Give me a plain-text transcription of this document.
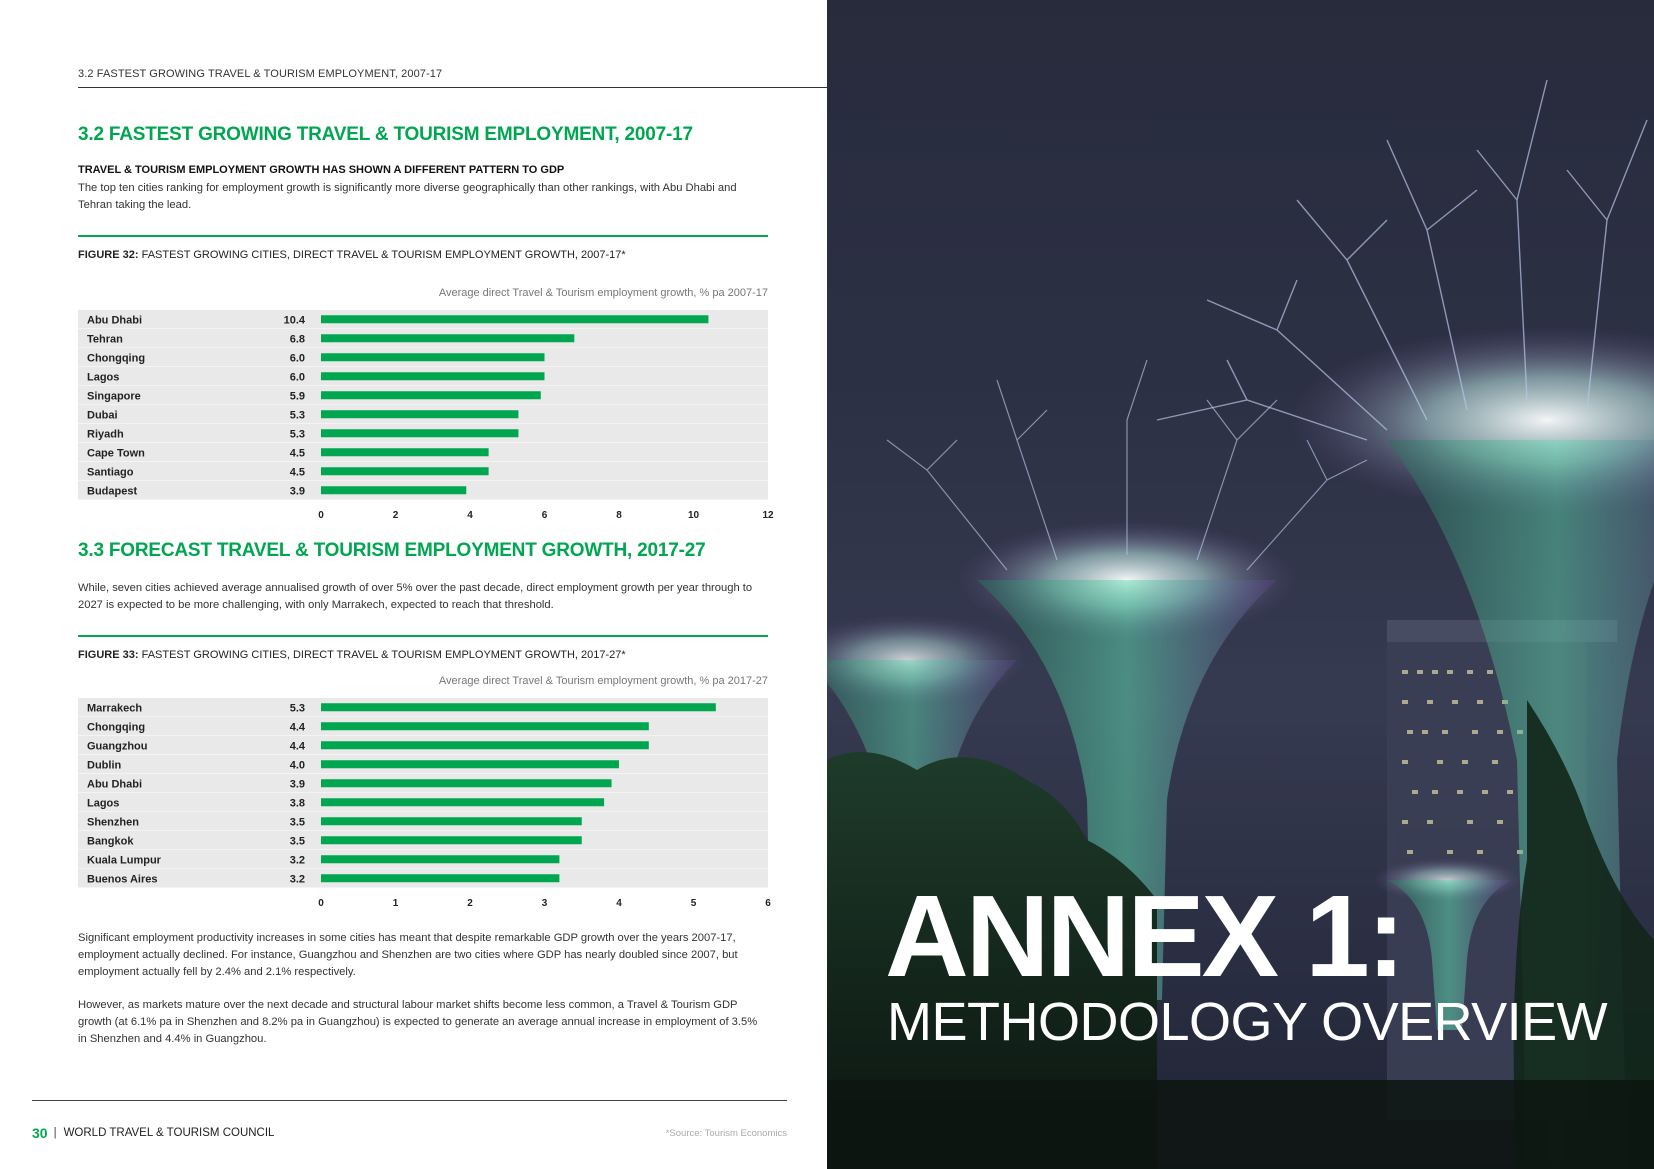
3.2 FASTEST GROWING TRAVEL & TOURISM EMPLOYMENT, 2007-17
3.2 FASTEST GROWING TRAVEL & TOURISM EMPLOYMENT, 2007-17
TRAVEL & TOURISM EMPLOYMENT GROWTH HAS SHOWN A DIFFERENT PATTERN TO GDP
The top ten cities ranking for employment growth is significantly more diverse geographically than other rankings, with Abu Dhabi and Tehran taking the lead.
FIGURE 32: FASTEST GROWING CITIES, DIRECT TRAVEL & TOURISM EMPLOYMENT GROWTH, 2007-17*
Average direct Travel & Tourism employment growth, % pa 2007-17
Abu Dhabi	10.4
Tehran	6.8
Chongqing	6.0
Lagos	6.0
Singapore	5.9
Dubai	5.3
Riyadh	5.3
Cape Town	4.5
Santiago	4.5
Budapest	3.9
0	2	4	6	8	10	12
3.3 FORECAST TRAVEL & TOURISM EMPLOYMENT GROWTH, 2017-27
While, seven cities achieved average annualised growth of over 5% over the past decade, direct employment growth per year through to 2027 is expected to be more challenging, with only Marrakech, expected to reach that threshold.
FIGURE 33: FASTEST GROWING CITIES, DIRECT TRAVEL & TOURISM EMPLOYMENT GROWTH, 2017-27*
Average direct Travel & Tourism employment growth, % pa 2017-27
Marrakech	5.3
Chongqing	4.4
Guangzhou	4.4
Dublin	4.0
Abu Dhabi	3.9
Lagos	3.8
Shenzhen	3.5
Bangkok	3.5
Kuala Lumpur	3.2
Buenos Aires	3.2
0	1	2	3	4	5	6
Significant employment productivity increases in some cities has meant that despite remarkable GDP growth over the years 2007-17, employment actually declined. For instance, Guangzhou and Shenzhen are two cities where GDP has nearly doubled since 2007, but employment actually fell by 2.4% and 2.1% respectively.
However, as markets mature over the next decade and structural labour market shifts become less common, a Travel & Tourism GDP growth (at 6.1% pa in Shenzhen and 8.2% pa in Guangzhou) is expected to generate an average annual increase in employment of 3.5% in Shenzhen and 4.4% in Guangzhou.
30 | WORLD TRAVEL & TOURISM COUNCIL	*Source: Tourism Economics
ANNEX 1:
METHODOLOGY OVERVIEW
